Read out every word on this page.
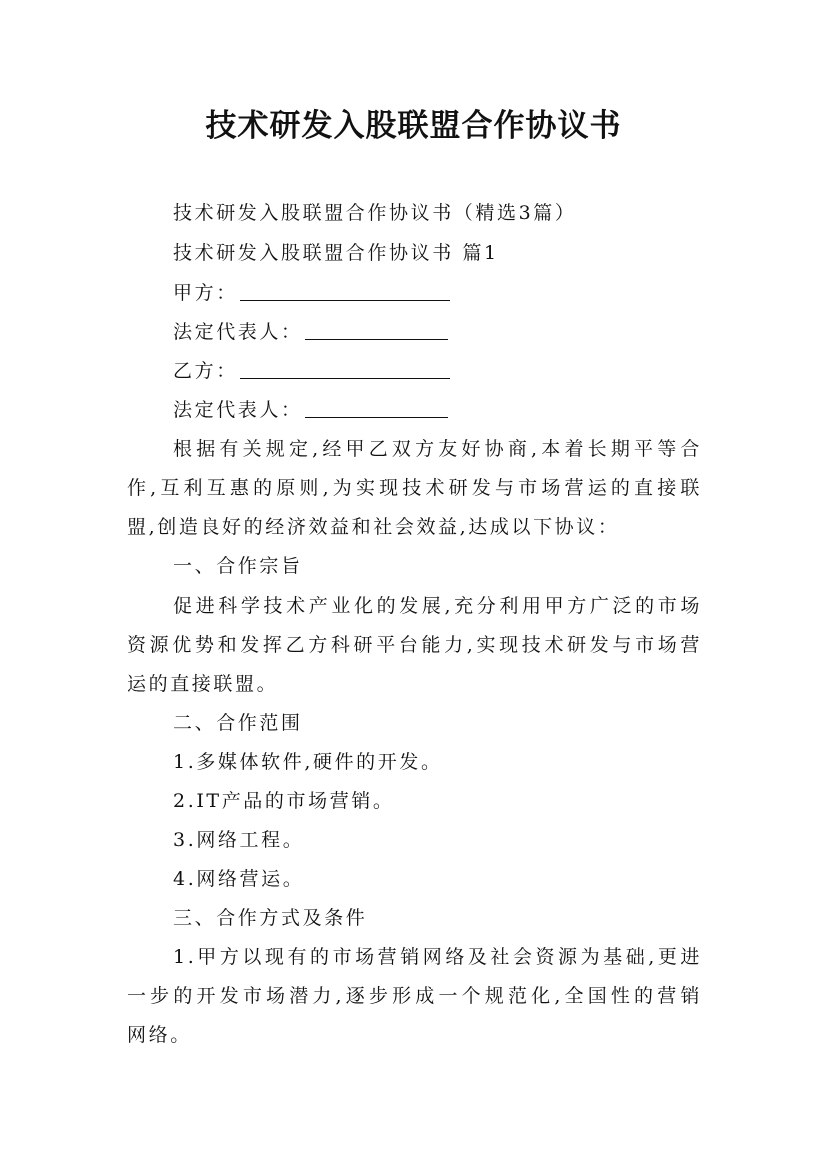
技术研发入股联盟合作协议书
技术研发入股联盟合作协议书（精选3篇）
技术研发入股联盟合作协议书 篇1
甲方：
法定代表人：
乙方：
法定代表人：
根据有关规定,经甲乙双方友好协商,本着长期平等合
作,互利互惠的原则,为实现技术研发与市场营运的直接联
盟,创造良好的经济效益和社会效益,达成以下协议：
一、合作宗旨
促进科学技术产业化的发展,充分利用甲方广泛的市场
资源优势和发挥乙方科研平台能力,实现技术研发与市场营
运的直接联盟。
二、合作范围
1.多媒体软件,硬件的开发。
2.IT产品的市场营销。
3.网络工程。
4.网络营运。
三、合作方式及条件
1.甲方以现有的市场营销网络及社会资源为基础,更进
一步的开发市场潜力,逐步形成一个规范化,全国性的营销
网络。
